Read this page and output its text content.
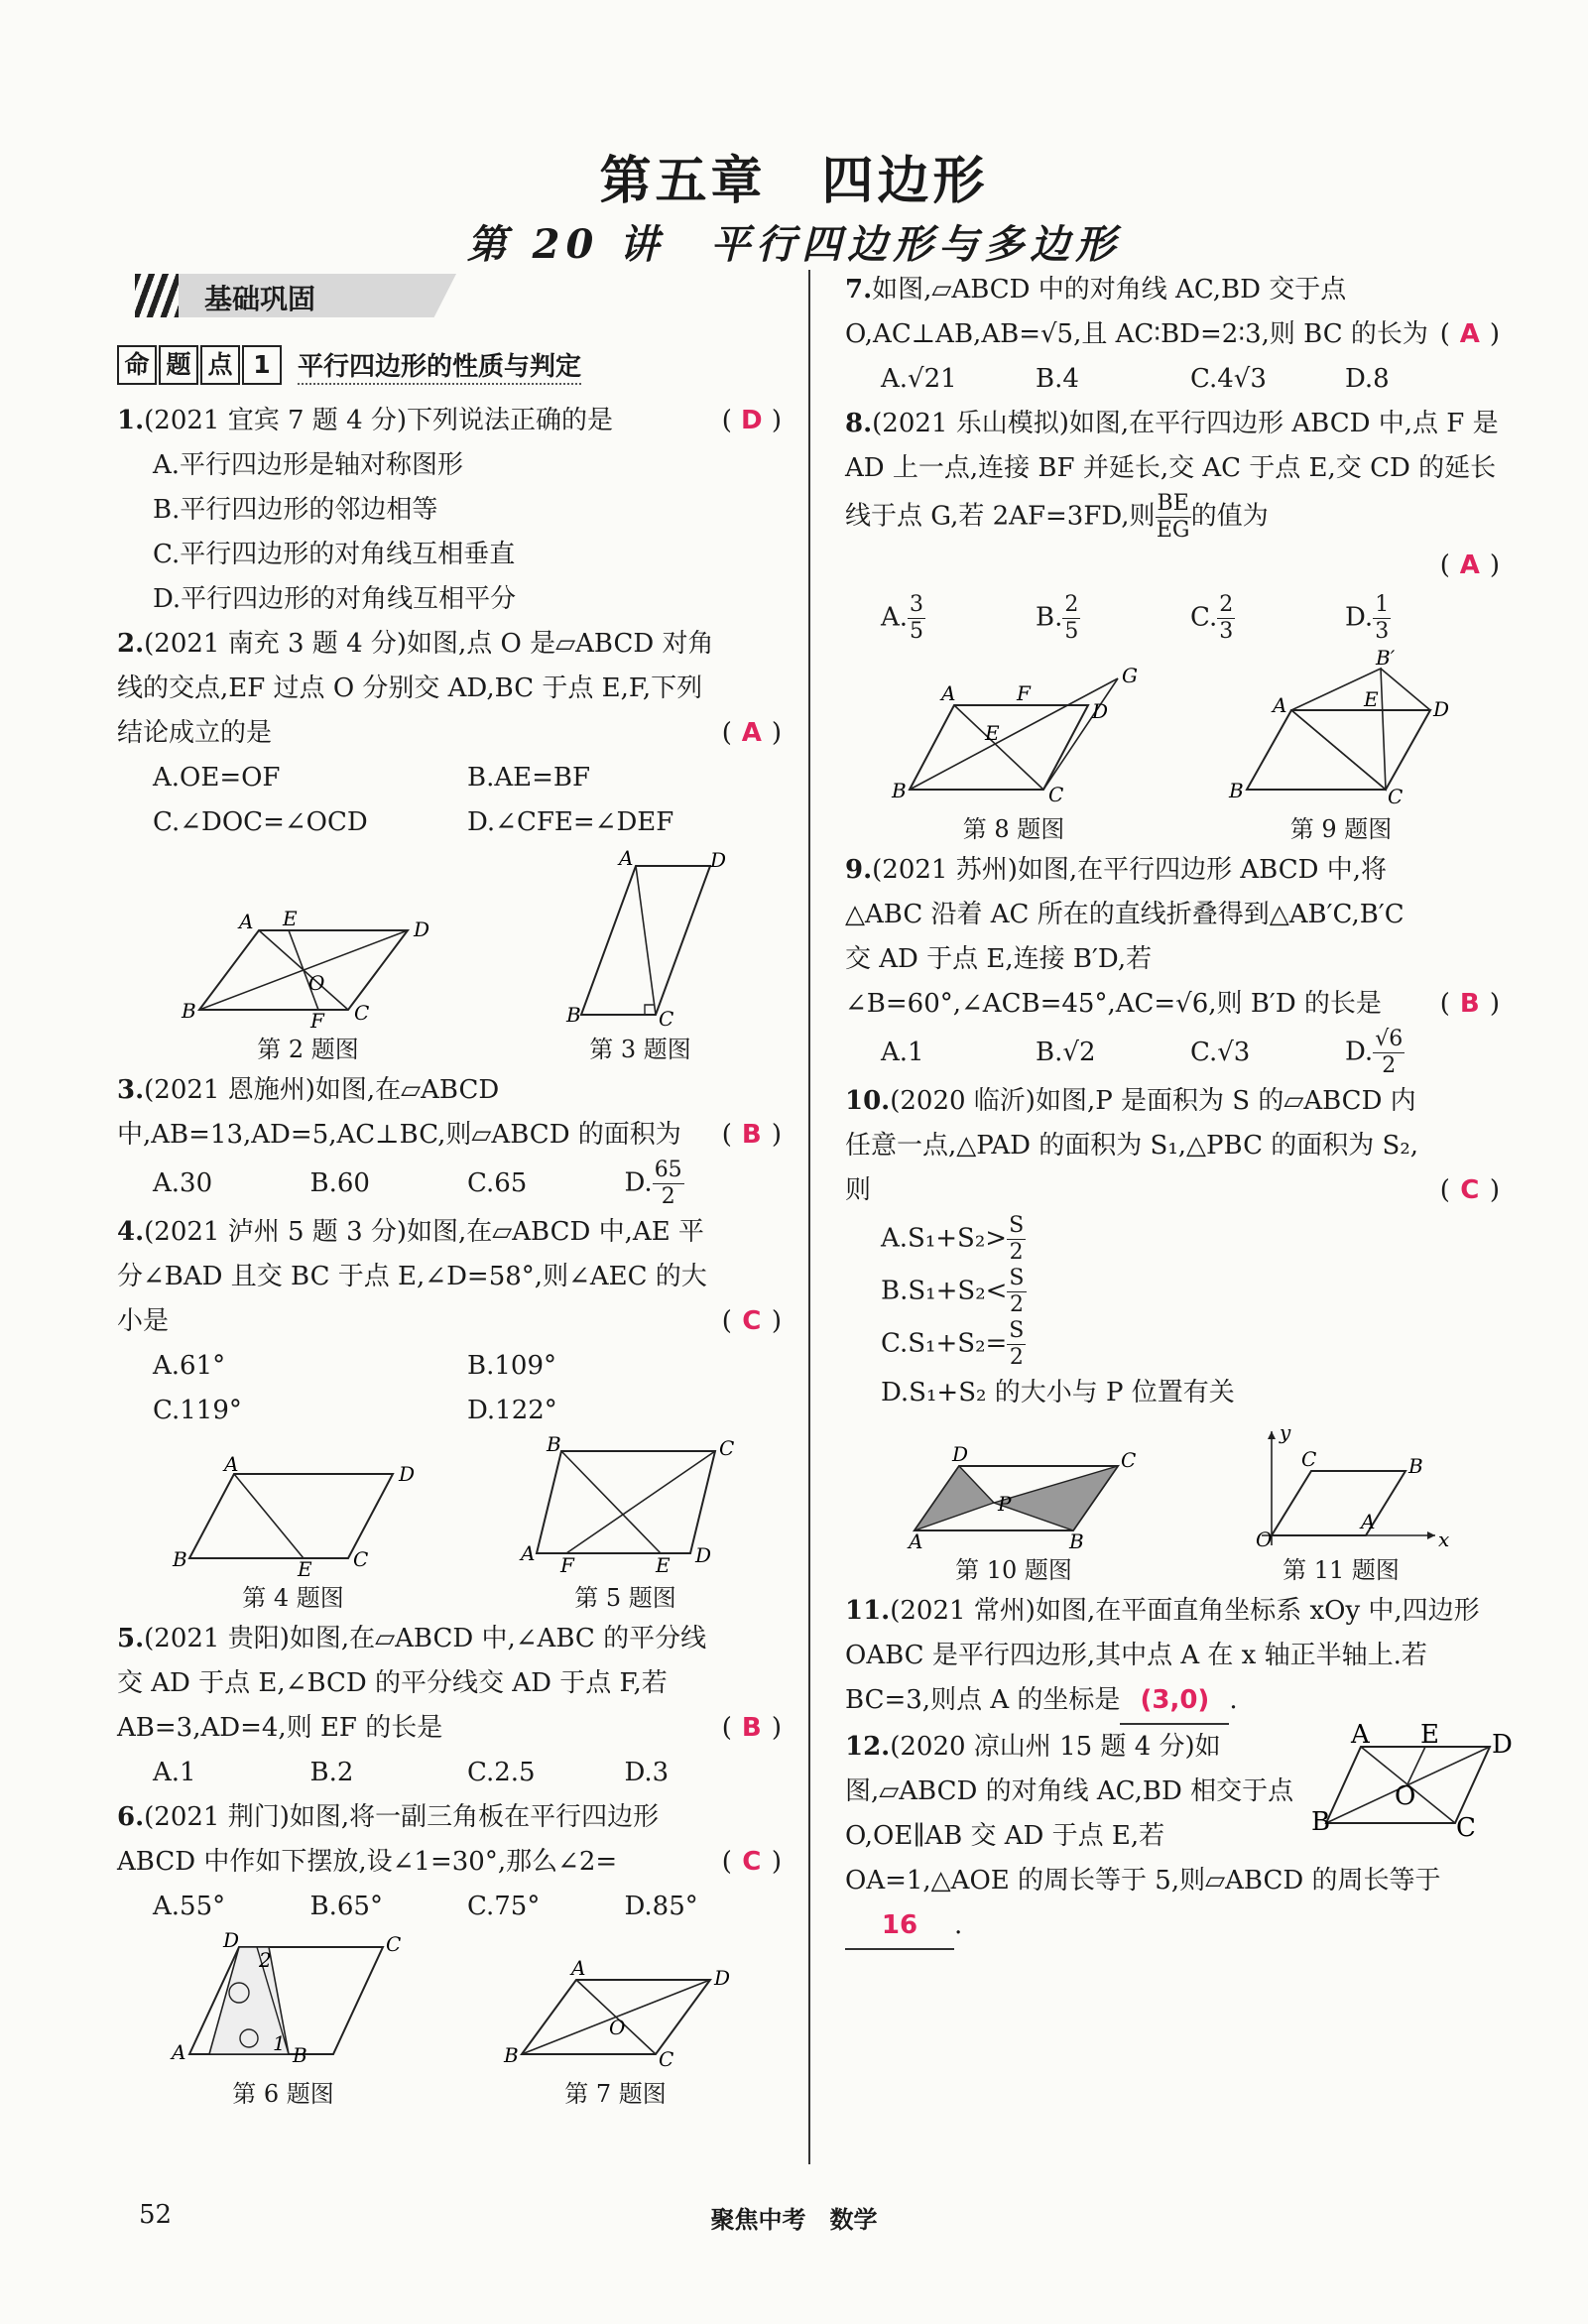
第五章　四边形
第 20 讲　平行四边形与多边形
基础巩固
命 题 点 1	平行四边形的性质与判定
1.(2021 宜宾 7 题 4 分)下列说法正确的是	( D )
A.平行四边形是轴对称图形
B.平行四边形的邻边相等
C.平行四边形的对角线互相垂直
D.平行四边形的对角线互相平分
2.(2021 南充 3 题 4 分)如图,点 O 是▱ABCD 对角线的交点,EF 过点 O 分别交 AD,BC 于点 E,F,下列结论成立的是	( A )
A.OE=OF	B.AE=BF
C.∠DOC=∠OCD	D.∠CFE=∠DEF
A E	D
O
B	F C
第 2 题图
A	D
B	C
第 3 题图
3.(2021 恩施州)如图,在▱ABCD 中,AB=13,AD=5,AC⊥BC,则▱ABCD 的面积为	( B )
A.30	B.60	C.65	D. $\frac{65}{2}$
4.(2021 泸州 5 题 3 分)如图,在▱ABCD 中,AE 平分∠BAD 且交 BC 于点 E,∠D=58°,则∠AEC 的大小是	( C )
A.61°	B.109°
C.119°	D.122°
A	D
B	E C
第 4 题图
B	C
A F	E D
第 5 题图
5.(2021 贵阳)如图,在▱ABCD 中,∠ABC 的平分线交 AD 于点 E,∠BCD 的平分线交 AD 于点 F,若 AB=3,AD=4,则 EF 的长是	( B )
A.1	B.2	C.2.5	D.3
6.(2021 荆门)如图,将一副三角板在平行四边形 ABCD 中作如下摆放,设∠1=30°,那么∠2=	( C )
A.55°	B.65°	C.75°	D.85°
D
2
C
A	1 B
第 6 题图
A	D
O
B	C
第 7 题图
7.如图,▱ABCD 中的对角线 AC,BD 交于点 O,AC⊥AB,AB=√5,且 AC∶BD=2∶3,则 BC 的长为 ( A )
A.√21	B.4	C.4√3	D.8
8.(2021 乐山模拟)如图,在平行四边形 ABCD 中,点 F 是 AD 上一点,连接 BF 并延长,交 AC 于点 E,交 CD 的延长线于点 G,若 2AF=3FD,则 $\frac{BE}{EG}$ 的值为
( A )
A. $\frac{3}{5}$	B. $\frac{2}{5}$	C. $\frac{2}{3}$	D. $\frac{1}{3}$
A	F
G
D
E
B	C
第 8 题图
B′
A	E	D
B	C
第 9 题图
9.(2021 苏州)如图,在平行四边形 ABCD 中,将△ABC 沿着 AC 所在的直线折叠得到△AB′C,B′C 交 AD 于点 E,连接 B′D,若∠B=60°,∠ACB=45°,AC=√6,则 B′D 的长是	( B )
A.1	B.√2	C.√3	D. $\frac{√6}{2}$
10.(2020 临沂)如图,P 是面积为 S 的▱ABCD 内任意一点,△PAD 的面积为 S₁,△PBC 的面积为 S₂,则	( C )
$A.S_1+S_2> \frac{S}{2}$
$B.S_1+S_2< \frac{S}{2}$
$C.S_1+S_2= \frac{S}{2}$
D.S₁+S₂ 的大小与 P 位置有关
D	C
P
A	B
第 10 题图
y
x
C	B
O
A
第 11 题图
11.(2021 常州)如图,在平面直角坐标系 xOy 中,四边形 OABC 是平行四边形,其中点 A 在 x 轴正半轴上.若BC=3,则点 A 的坐标是 (3,0) .
A E D
O
B	C
12.(2020 凉山州 15 题 4 分)如图,▱ABCD 的对角线 AC,BD 相交于点 O,OE∥AB 交 AD 于点 E,若 OA=1,△AOE 的周长等于 5,则▱ABCD 的周长等于16 .
52	聚焦中考　数学
